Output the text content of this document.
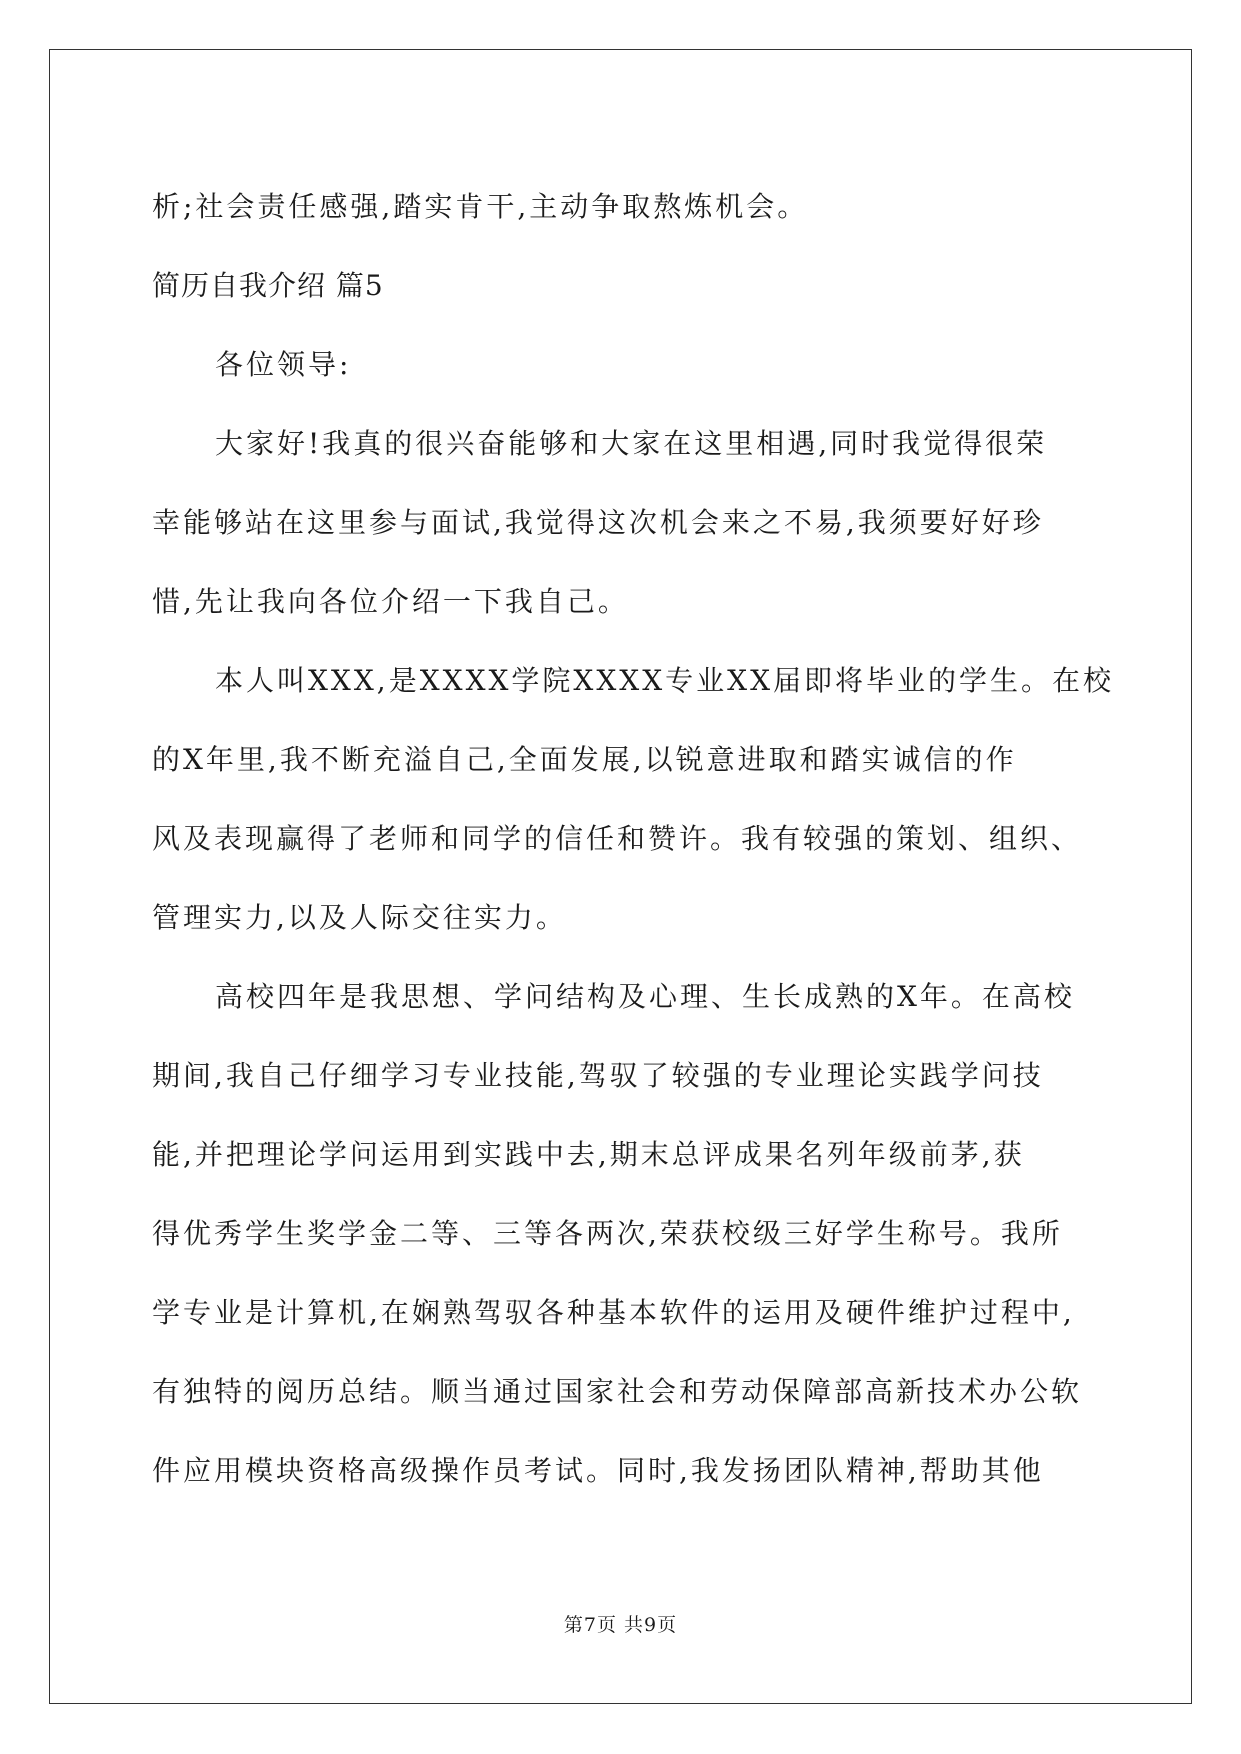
析;社会责任感强,踏实肯干,主动争取熬炼机会。
简历自我介绍 篇5
各位领导:
大家好!我真的很兴奋能够和大家在这里相遇,同时我觉得很荣
幸能够站在这里参与面试,我觉得这次机会来之不易,我须要好好珍
惜,先让我向各位介绍一下我自己。
本人叫XXX,是XXXX学院XXXX专业XX届即将毕业的学生。在校
的X年里,我不断充溢自己,全面发展,以锐意进取和踏实诚信的作
风及表现赢得了老师和同学的信任和赞许。我有较强的策划、组织、
管理实力,以及人际交往实力。
高校四年是我思想、学问结构及心理、生长成熟的X年。在高校
期间,我自己仔细学习专业技能,驾驭了较强的专业理论实践学问技
能,并把理论学问运用到实践中去,期末总评成果名列年级前茅,获
得优秀学生奖学金二等、三等各两次,荣获校级三好学生称号。我所
学专业是计算机,在娴熟驾驭各种基本软件的运用及硬件维护过程中,
有独特的阅历总结。顺当通过国家社会和劳动保障部高新技术办公软
件应用模块资格高级操作员考试。同时,我发扬团队精神,帮助其他
第7页 共9页
